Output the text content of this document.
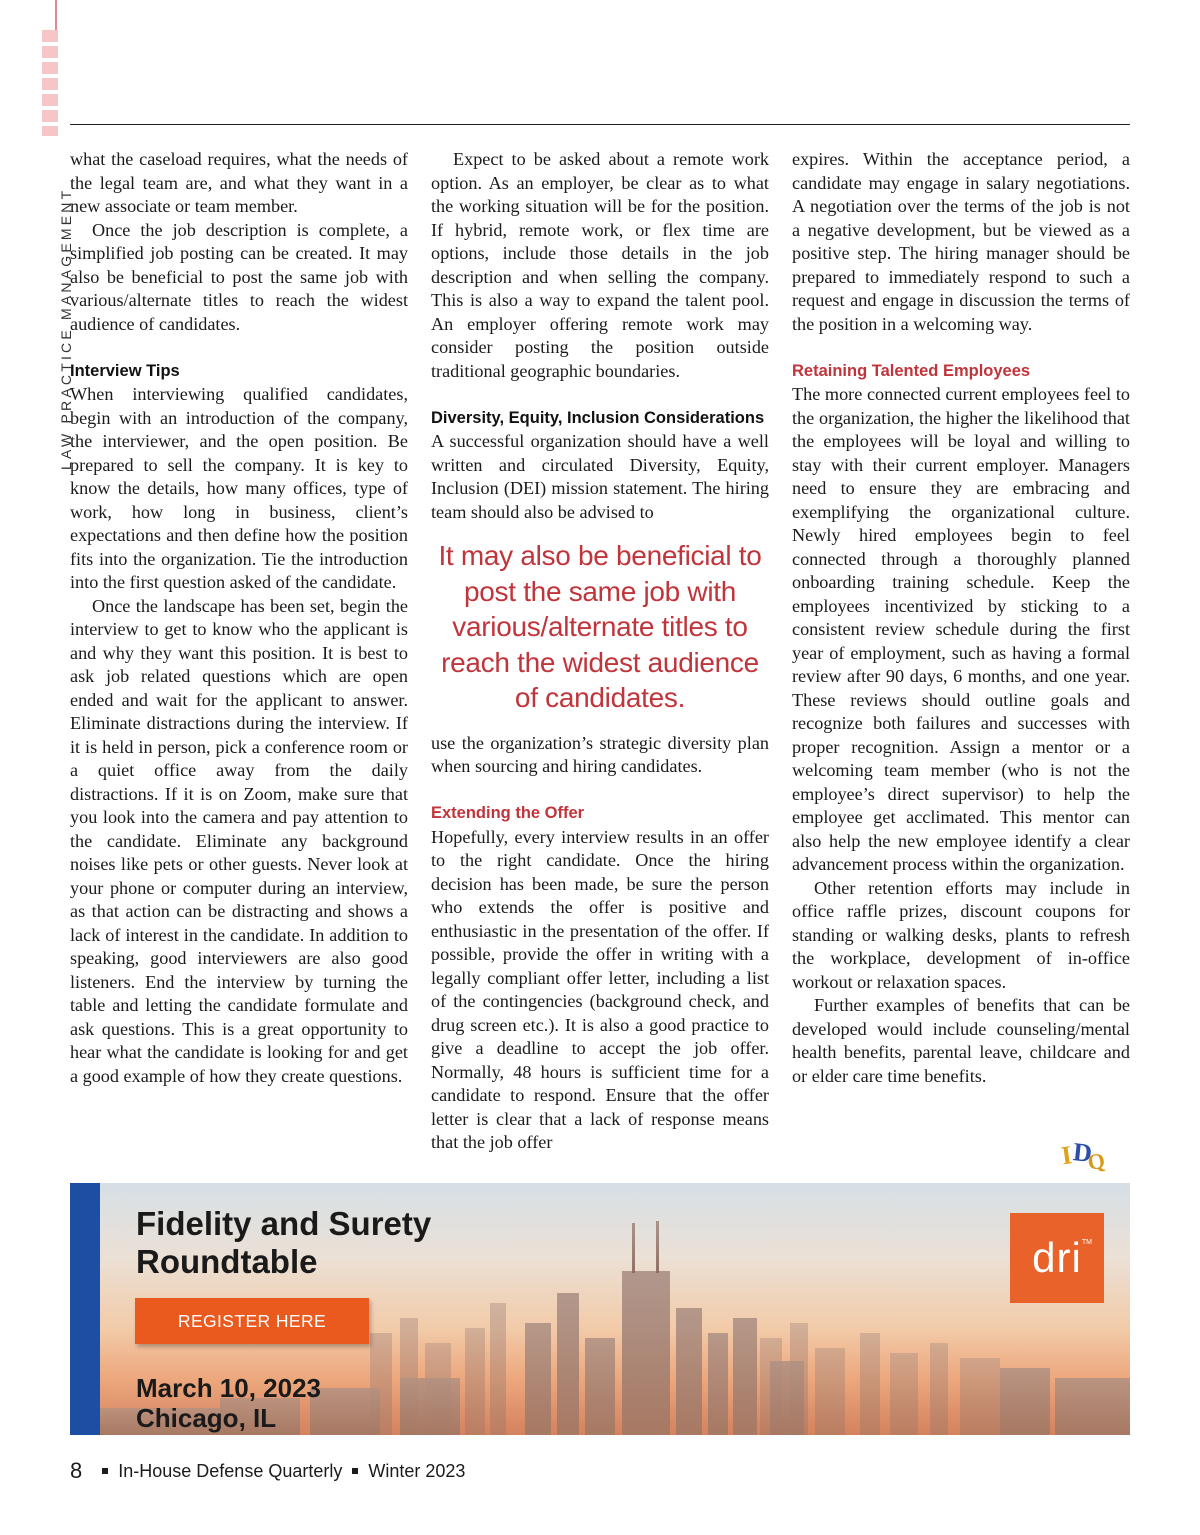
LAW PRACTICE MANAGEMENT

what the caseload requires, what the needs of the legal team are, and what they want in a new associate or team member.

Once the job description is complete, a simplified job posting can be created. It may also be beneficial to post the same job with various/alternate titles to reach the widest audience of candidates.

Interview Tips

When interviewing qualified candidates, begin with an introduction of the company, the interviewer, and the open position. Be prepared to sell the company. It is key to know the details, how many offices, type of work, how long in business, client’s expectations and then define how the position fits into the organization. Tie the introduction into the first question asked of the candidate.

Once the landscape has been set, begin the interview to get to know who the applicant is and why they want this position. It is best to ask job related questions which are open ended and wait for the applicant to answer. Eliminate distractions during the interview. If it is held in person, pick a conference room or a quiet office away from the daily distractions. If it is on Zoom, make sure that you look into the camera and pay attention to the candidate. Eliminate any background noises like pets or other guests. Never look at your phone or computer during an interview, as that action can be distracting and shows a lack of interest in the candidate. In addition to speaking, good interviewers are also good listeners. End the interview by turning the table and letting the candidate formulate and ask questions. This is a great opportunity to hear what the candidate is looking for and get a good example of how they create questions.

Expect to be asked about a remote work option. As an employer, be clear as to what the working situation will be for the position. If hybrid, remote work, or flex time are options, include those details in the job description and when selling the company. This is also a way to expand the talent pool. An employer offering remote work may consider posting the position outside traditional geographic boundaries.

Diversity, Equity, Inclusion Considerations

A successful organization should have a well written and circulated Diversity, Equity, Inclusion (DEI) mission statement. The hiring team should also be advised to

It may also be beneficial to post the same job with various/alternate titles to reach the widest audience of candidates.

use the organization’s strategic diversity plan when sourcing and hiring candidates.

Extending the Offer

Hopefully, every interview results in an offer to the right candidate. Once the hiring decision has been made, be sure the person who extends the offer is positive and enthusiastic in the presentation of the offer. If possible, provide the offer in writing with a legally compliant offer letter, including a list of the contingencies (background check, and drug screen etc.). It is also a good practice to give a deadline to accept the job offer. Normally, 48 hours is sufficient time for a candidate to respond. Ensure that the offer letter is clear that a lack of response means that the job offer

expires. Within the acceptance period, a candidate may engage in salary negotiations. A negotiation over the terms of the job is not a negative development, but be viewed as a positive step. The hiring manager should be prepared to immediately respond to such a request and engage in discussion the terms of the position in a welcoming way.

Retaining Talented Employees

The more connected current employees feel to the organization, the higher the likelihood that the employees will be loyal and willing to stay with their current employer. Managers need to ensure they are embracing and exemplifying the organizational culture. Newly hired employees begin to feel connected through a thoroughly planned onboarding training schedule. Keep the employees incentivized by sticking to a consistent review schedule during the first year of employment, such as having a formal review after 90 days, 6 months, and one year. These reviews should outline goals and recognize both failures and successes with proper recognition. Assign a mentor or a welcoming team member (who is not the employee’s direct supervisor) to help the employee get acclimated. This mentor can also help the new employee identify a clear advancement process within the organization.

Other retention efforts may include in office raffle prizes, discount coupons for standing or walking desks, plants to refresh the workplace, development of in-office workout or relaxation spaces.

Further examples of benefits that can be developed would include counseling/mental health benefits, parental leave, childcare and or elder care time benefits.

I
D
Q
Fidelity and Surety
Roundtable
REGISTER HERE
March 10, 2023
Chicago, IL
dri TM
8 In-House Defense Quarterly Winter 2023
